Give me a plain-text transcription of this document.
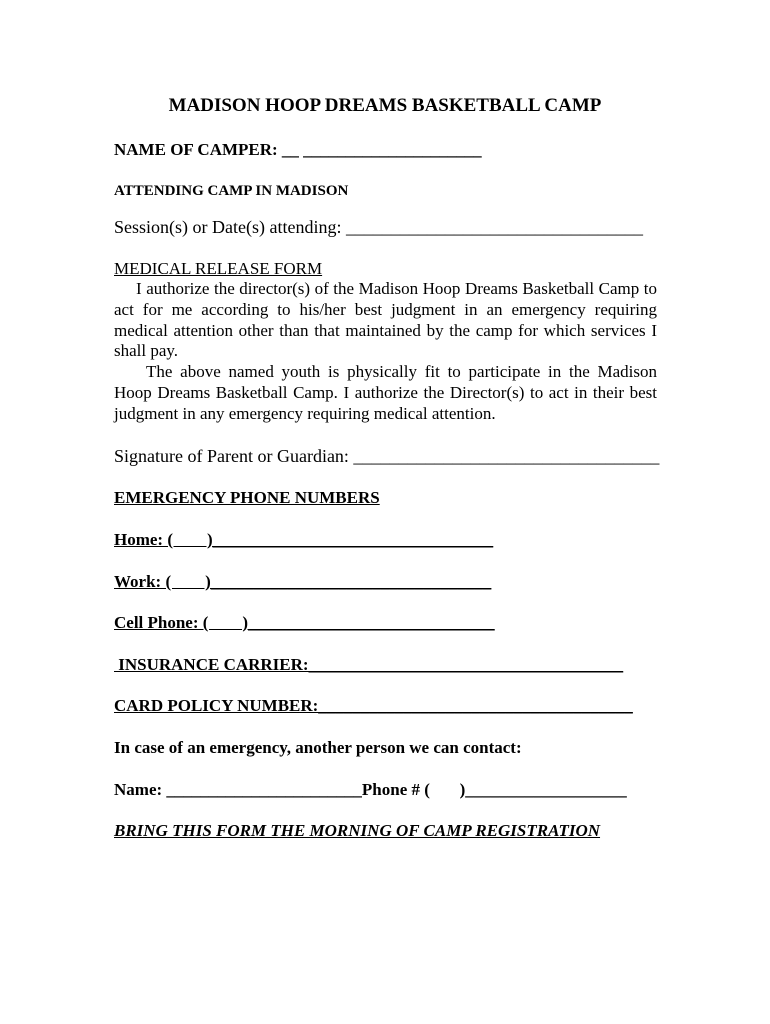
MADISON HOOP DREAMS BASKETBALL CAMP
NAME OF CAMPER: __ _____________________
ATTENDING CAMP IN MADISON
Session(s) or Date(s) attending: _________________________________
MEDICAL RELEASE FORM

I authorize the director(s) of the Madison Hoop Dreams Basketball Camp to act for me according to his/her best judgment in an emergency requiring medical attention other than that maintained by the camp for which services I shall pay.

The above named youth is physically fit to participate in the Madison Hoop Dreams Basketball Camp. I authorize the Director(s) to act in their best judgment in any emergency requiring medical attention.

Signature of Parent or Guardian: __________________________________
EMERGENCY PHONE NUMBERS
Home: (        )_________________________________
Work: (        )_________________________________
Cell Phone: (        )_____________________________
INSURANCE CARRIER:_____________________________________
CARD POLICY NUMBER:_____________________________________
In case of an emergency, another person we can contact:
Name: _______________________Phone # (       )___________________
BRING THIS FORM THE MORNING OF CAMP REGISTRATION
